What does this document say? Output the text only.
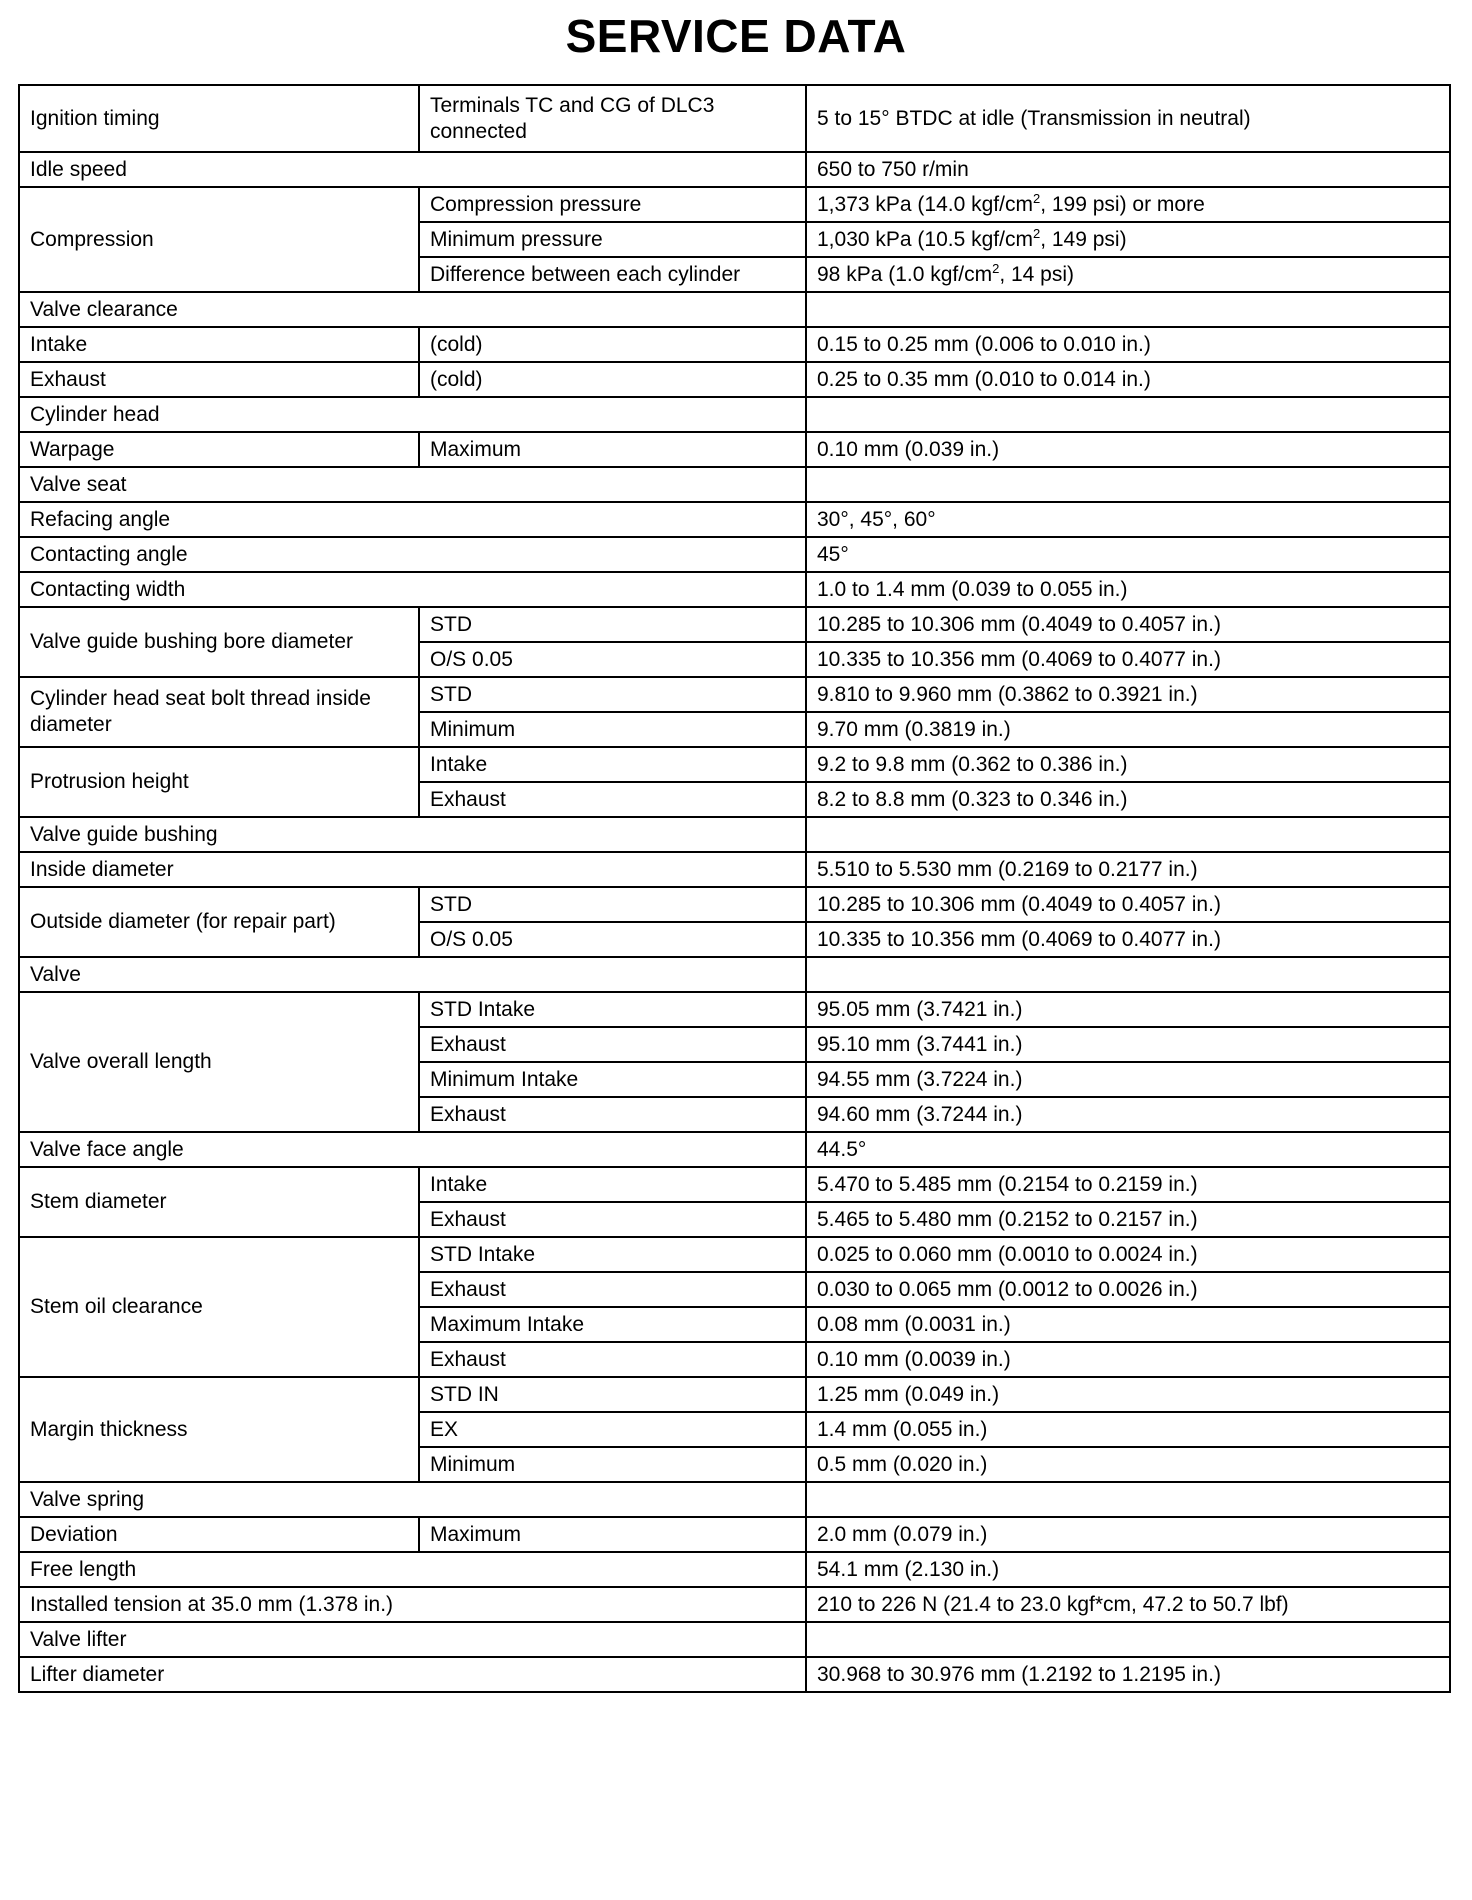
SERVICE DATA
Ignition timing	Terminals TC and CG of DLC3 connected	5 to 15° BTDC at idle (Transmission in neutral)
Idle speed		650 to 750 r/min
Compression	Compression pressure	1,373 kPa (14.0 kgf/$cm^2$, 199 psi) or more
	Minimum pressure	1,030 kPa (10.5 kgf/$cm^2$, 149 psi)
	Difference between each cylinder	98 kPa (1.0 kgf/$cm^2$, 14 psi)
Valve clearance		
Intake	(cold)	0.15 to 0.25 mm (0.006 to 0.010 in.)
Exhaust	(cold)	0.25 to 0.35 mm (0.010 to 0.014 in.)
Cylinder head		
Warpage	Maximum	0.10 mm (0.039 in.)
Valve seat		
Refacing angle		30°, 45°, 60°
Contacting angle		45°
Contacting width		1.0 to 1.4 mm (0.039 to 0.055 in.)
Valve guide bushing bore diameter	STD	10.285 to 10.306 mm (0.4049 to 0.4057 in.)
	O/S 0.05	10.335 to 10.356 mm (0.4069 to 0.4077 in.)
Cylinder head seat bolt thread inside diameter	STD	9.810 to 9.960 mm (0.3862 to 0.3921 in.)
	Minimum	9.70 mm (0.3819 in.)
Protrusion height	Intake	9.2 to 9.8 mm (0.362 to 0.386 in.)
	Exhaust	8.2 to 8.8 mm (0.323 to 0.346 in.)
Valve guide bushing		
Inside diameter		5.510 to 5.530 mm (0.2169 to 0.2177 in.)
Outside diameter (for repair part)	STD	10.285 to 10.306 mm (0.4049 to 0.4057 in.)
	O/S 0.05	10.335 to 10.356 mm (0.4069 to 0.4077 in.)
Valve		
Valve overall length	STD Intake	95.05 mm (3.7421 in.)
	Exhaust	95.10 mm (3.7441 in.)
	Minimum Intake	94.55 mm (3.7224 in.)
	Exhaust	94.60 mm (3.7244 in.)
Valve face angle		44.5°
Stem diameter	Intake	5.470 to 5.485 mm (0.2154 to 0.2159 in.)
	Exhaust	5.465 to 5.480 mm (0.2152 to 0.2157 in.)
Stem oil clearance	STD Intake	0.025 to 0.060 mm (0.0010 to 0.0024 in.)
	Exhaust	0.030 to 0.065 mm (0.0012 to 0.0026 in.)
	Maximum Intake	0.08 mm (0.0031 in.)
	Exhaust	0.10 mm (0.0039 in.)
Margin thickness	STD IN	1.25 mm (0.049 in.)
	EX	1.4 mm (0.055 in.)
	Minimum	0.5 mm (0.020 in.)
Valve spring		
Deviation	Maximum	2.0 mm (0.079 in.)
Free length		54.1 mm (2.130 in.)
Installed tension at 35.0 mm (1.378 in.)		210 to 226 N (21.4 to 23.0 kgf*cm, 47.2 to 50.7 lbf)
Valve lifter		
Lifter diameter		30.968 to 30.976 mm (1.2192 to 1.2195 in.)
